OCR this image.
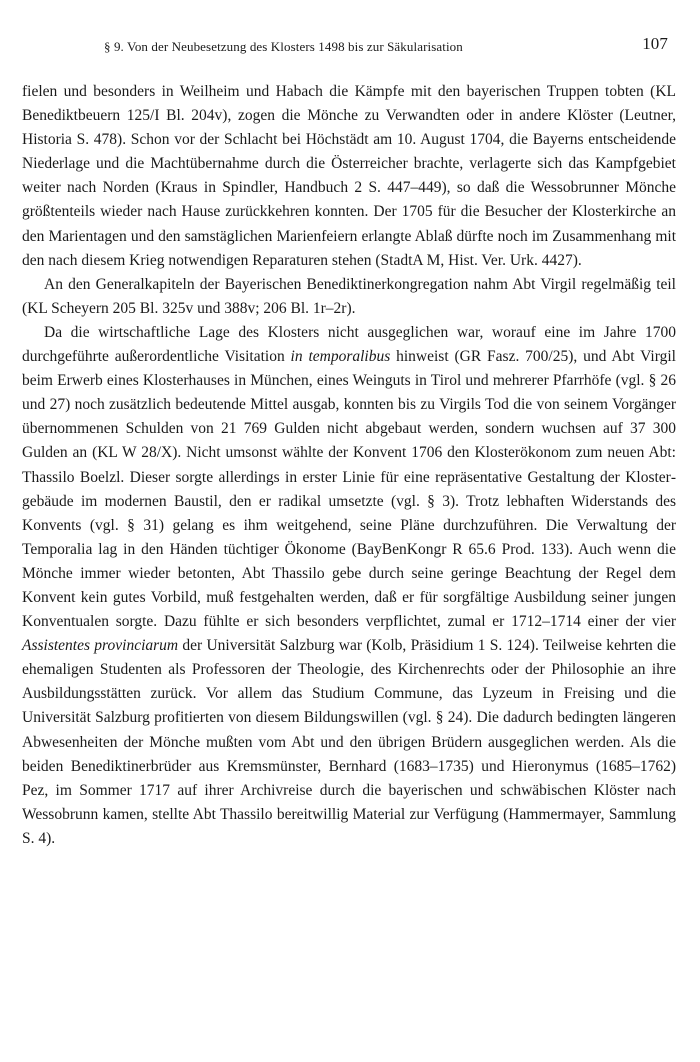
§ 9. Von der Neubesetzung des Klosters 1498 bis zur Säkularisation	107

fielen und besonders in Weilheim und Habach die Kämpfe mit den bayerischen Truppen tobten (KL Benediktbeuern 125/I Bl. 204v), zogen die Mönche zu Verwandten oder in andere Klöster (Leutner, Historia S. 478). Schon vor der Schlacht bei Höchstädt am 10. August 1704, die Bayerns entscheidende Niederlage und die Machtübernahme durch die Österreicher brachte, verlagerte sich das Kampfgebiet weiter nach Norden (Kraus in Spindler, Handbuch 2 S. 447–449), so daß die Wessobrunner Mönche größtenteils wieder nach Hause zurückkehren konnten. Der 1705 für die Besucher der Klosterkirche an den Marientagen und den samstäglichen Marienfeiern erlangte Ablaß dürfte noch im Zusammenhang mit den nach diesem Krieg notwendigen Reparaturen stehen (StadtA M, Hist. Ver. Urk. 4427).

An den Generalkapiteln der Bayerischen Benediktinerkongregation nahm Abt Virgil regelmäßig teil (KL Scheyern 205 Bl. 325v und 388v; 206 Bl. 1r–2r).

Da die wirtschaftliche Lage des Klosters nicht ausgeglichen war, worauf eine im Jahre 1700 durchgeführte außerordentliche Visitation in temporalibus hinweist (GR Fasz. 700/25), und Abt Virgil beim Erwerb eines Klosterhauses in München, eines Weinguts in Tirol und mehrerer Pfarrhöfe (vgl. § 26 und 27) noch zusätzlich bedeutende Mittel ausgab, konnten bis zu Virgils Tod die von seinem Vorgänger übernommenen Schulden von 21 769 Gulden nicht abgebaut werden, sondern wuchsen auf 37 300 Gulden an (KL W 28/X). Nicht umsonst wählte der Konvent 1706 den Klosterökonom zum neuen Abt: Thassilo Boelzl. Dieser sorgte allerdings in erster Linie für eine repräsentative Gestaltung der Klostergebäude im modernen Baustil, den er radikal umsetzte (vgl. § 3). Trotz lebhaften Widerstands des Konvents (vgl. § 31) gelang es ihm weitgehend, seine Pläne durchzuführen. Die Verwaltung der Temporalia lag in den Händen tüchtiger Ökonome (BayBenKongr R 65.6 Prod. 133). Auch wenn die Mönche immer wieder betonten, Abt Thassilo gebe durch seine geringe Beachtung der Regel dem Konvent kein gutes Vorbild, muß festgehalten werden, daß er für sorgfältige Ausbildung seiner jungen Konventualen sorgte. Dazu fühlte er sich besonders verpflichtet, zumal er 1712–1714 einer der vier Assistentes provinciarum der Universität Salzburg war (Kolb, Präsidium 1 S. 124). Teilweise kehrten die ehemaligen Studenten als Professoren der Theologie, des Kirchenrechts oder der Philosophie an ihre Ausbildungsstätten zurück. Vor allem das Studium Commune, das Lyzeum in Freising und die Universität Salzburg profitierten von diesem Bildungswillen (vgl. § 24). Die dadurch bedingten längeren Abwesenheiten der Mönche mußten vom Abt und den übrigen Brüdern ausgeglichen werden. Als die beiden Benediktinerbrüder aus Kremsmünster, Bernhard (1683–1735) und Hieronymus (1685–1762) Pez, im Sommer 1717 auf ihrer Archivreise durch die bayerischen und schwäbischen Klöster nach Wessobrunn kamen, stellte Abt Thassilo bereitwillig Material zur Verfügung (Hammermayer, Sammlung S. 4).
